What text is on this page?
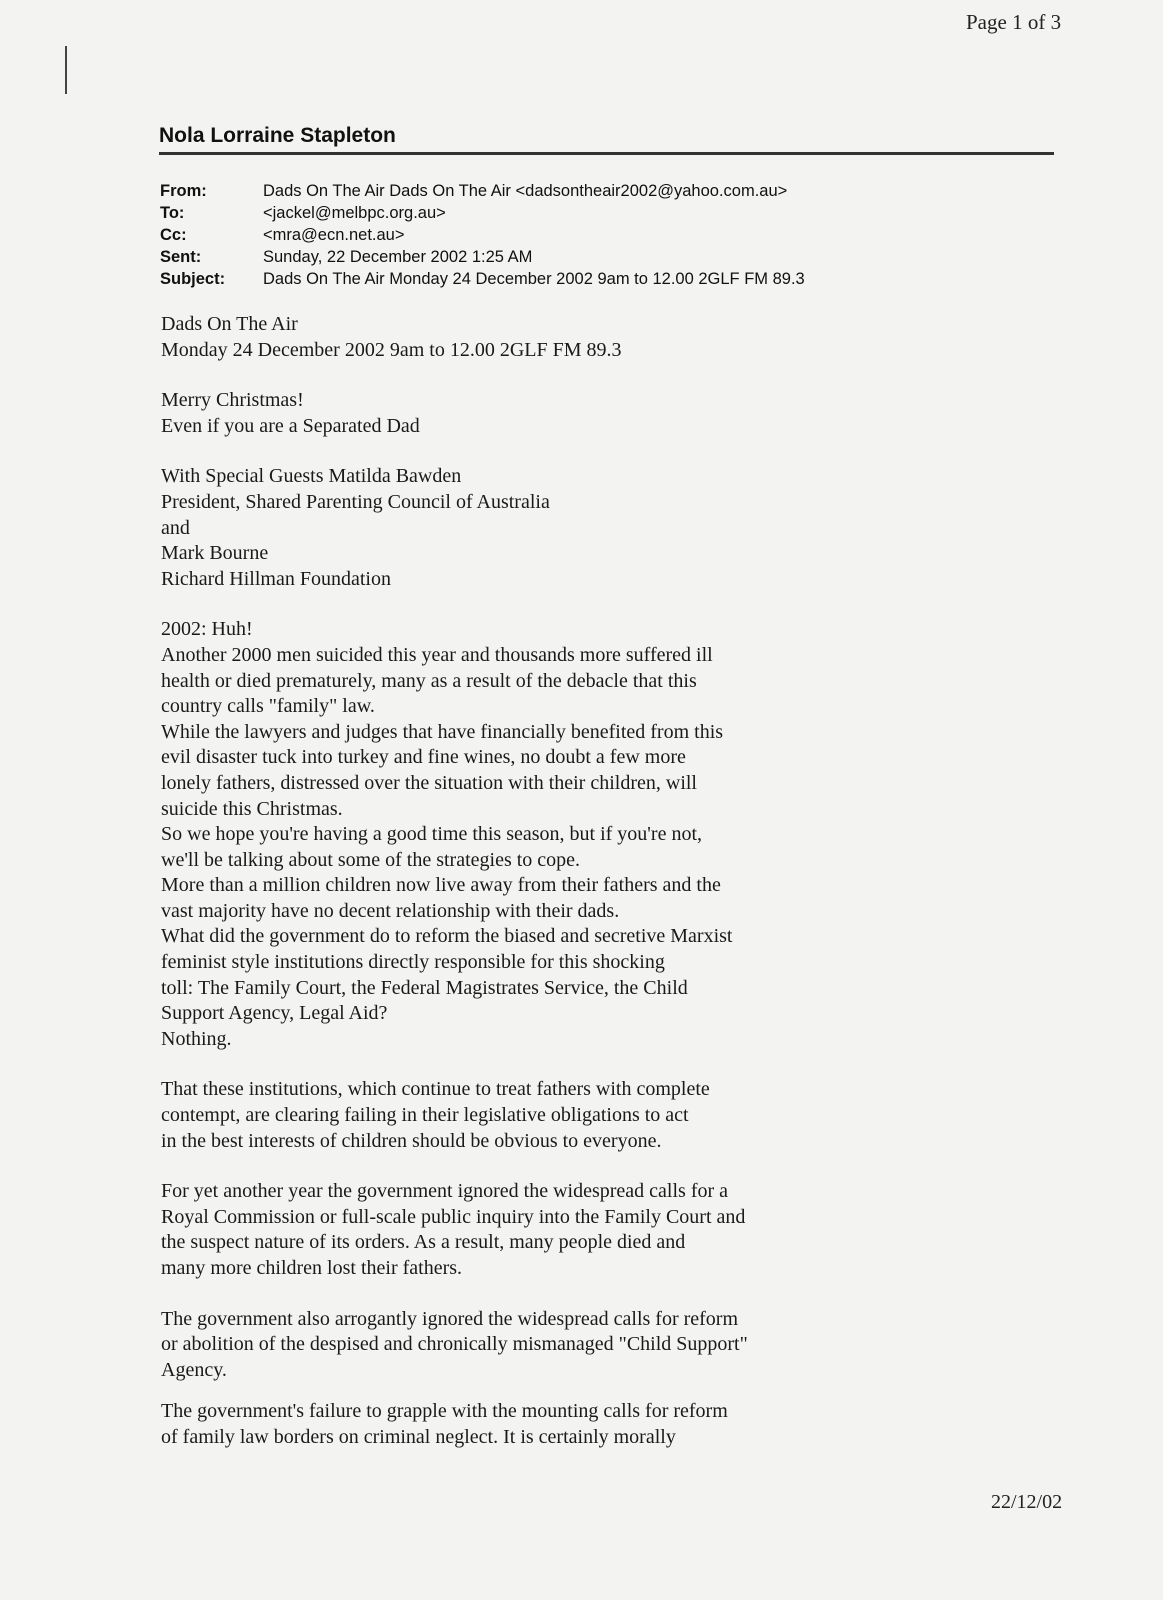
Page 1 of 3
Nola Lorraine Stapleton
From:	Dads On The Air Dads On The Air <dadsontheair2002@yahoo.com.au>
To:	<jackel@melbpc.org.au>
Cc:	<mra@ecn.net.au>
Sent:	Sunday, 22 December 2002 1:25 AM
Subject:	Dads On The Air Monday 24 December 2002 9am to 12.00 2GLF FM 89.3

Dads On The Air

Monday 24 December 2002 9am to 12.00 2GLF FM 89.3

Merry Christmas!

Even if you are a Separated Dad

With Special Guests Matilda Bawden

President, Shared Parenting Council of Australia

and

Mark Bourne

Richard Hillman Foundation

2002: Huh!

Another 2000 men suicided this year and thousands more suffered ill

health or died prematurely, many as a result of the debacle that this

country calls "family" law.

While the lawyers and judges that have financially benefited from this

evil disaster tuck into turkey and fine wines, no doubt a few more

lonely fathers, distressed over the situation with their children, will

suicide this Christmas.

So we hope you're having a good time this season, but if you're not,

we'll be talking about some of the strategies to cope.

More than a million children now live away from their fathers and the

vast majority have no decent relationship with their dads.

What did the government do to reform the biased and secretive Marxist

feminist style institutions directly responsible for this shocking

toll: The Family Court, the Federal Magistrates Service, the Child

Support Agency, Legal Aid?

Nothing.

That these institutions, which continue to treat fathers with complete

contempt, are clearing failing in their legislative obligations to act

in the best interests of children should be obvious to everyone.

For yet another year the government ignored the widespread calls for a

Royal Commission or full-scale public inquiry into the Family Court and

the suspect nature of its orders. As a result, many people died and

many more children lost their fathers.

The government also arrogantly ignored the widespread calls for reform

or abolition of the despised and chronically mismanaged "Child Support"

Agency.

The government's failure to grapple with the mounting calls for reform

of family law borders on criminal neglect. It is certainly morally

22/12/02
